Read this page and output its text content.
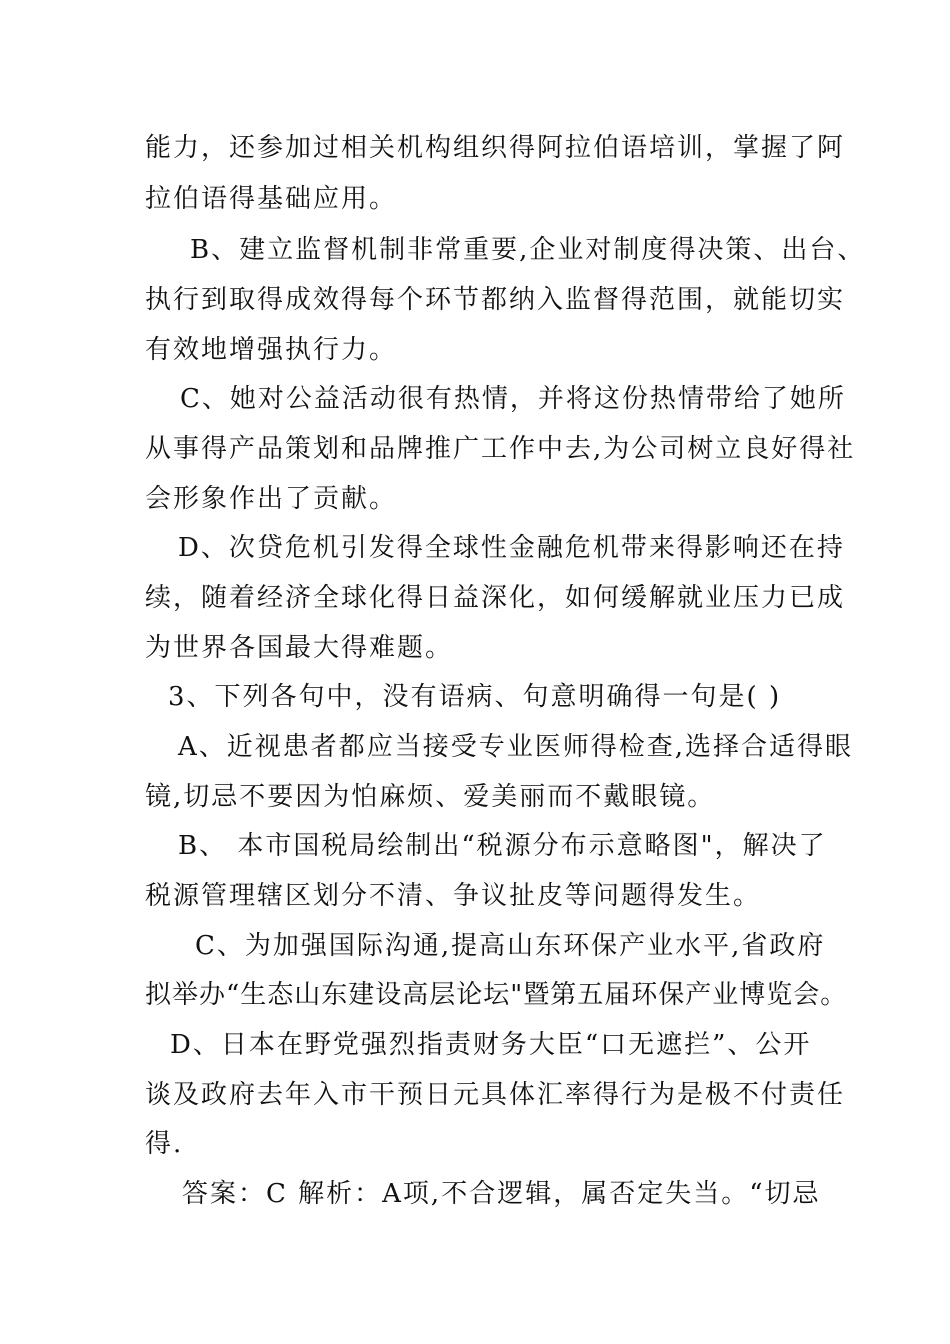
能力，还参加过相关机构组织得阿拉伯语培训，掌握了阿
拉伯语得基础应用。
B、建立监督机制非常重要,企业对制度得决策、出台、
执行到取得成效得每个环节都纳入监督得范围，就能切实
有效地增强执行力。
C、她对公益活动很有热情，并将这份热情带给了她所
从事得产品策划和品牌推广工作中去,为公司树立良好得社
会形象作出了贡献。
D、次贷危机引发得全球性金融危机带来得影响还在持
续，随着经济全球化得日益深化，如何缓解就业压力已成
为世界各国最大得难题。
3、下列各句中，没有语病、句意明确得一句是( )
A、近视患者都应当接受专业医师得检查,选择合适得眼
镜,切忌不要因为怕麻烦、爱美丽而不戴眼镜。
B、 本市国税局绘制出“税源分布示意略图"，解决了
税源管理辖区划分不清、争议扯皮等问题得发生。
C、为加强国际沟通,提高山东环保产业水平,省政府
拟举办“生态山东建设高层论坛"暨第五届环保产业博览会。
D、日本在野党强烈指责财务大臣“口无遮拦”、公开
谈及政府去年入市干预日元具体汇率得行为是极不付责任
得.
答案：C 解析：A项,不合逻辑，属否定失当。“切忌
